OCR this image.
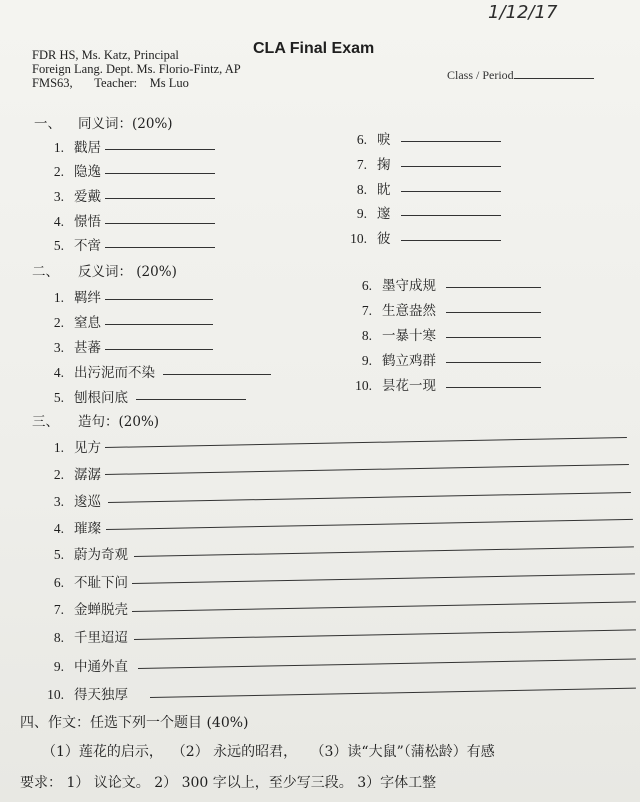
1/12/17
FDR HS, Ms. Katz, Principal
Foreign Lang. Dept. Ms. Florio-Fintz, AP
FMS63,       Teacher:    Ms Luo
CLA Final Exam
Class / Period
一、 同义词：(20%)
1. 戳居
2. 隐逸
3. 爱戴
4. 憬悟
5. 不啻
6. 唳
7. 掬
8. 眈
9. 邃
10. 彼
二、 反义词： (20%)
1. 羁绊
2. 窒息
3. 甚蕃
4. 出污泥而不染
5. 刨根问底
6. 墨守成规
7. 生意盎然
8. 一暴十寒
9. 鹤立鸡群
10. 昙花一现
三、 造句：(20%)
1. 见方
2. 潺潺
3. 逡巡
4. 璀璨
5. 蔚为奇观
6. 不耻下问
7. 金蝉脱壳
8. 千里迢迢
9. 中通外直
10. 得天独厚
四、作文：任选下列一个题目 (40%)
（1）莲花的启示，  （2） 永远的昭君，   （3）读“大鼠”（蒲松龄）有感
要求： 1） 议论文。 2） 300 字以上，至少写三段。 3）字体工整
